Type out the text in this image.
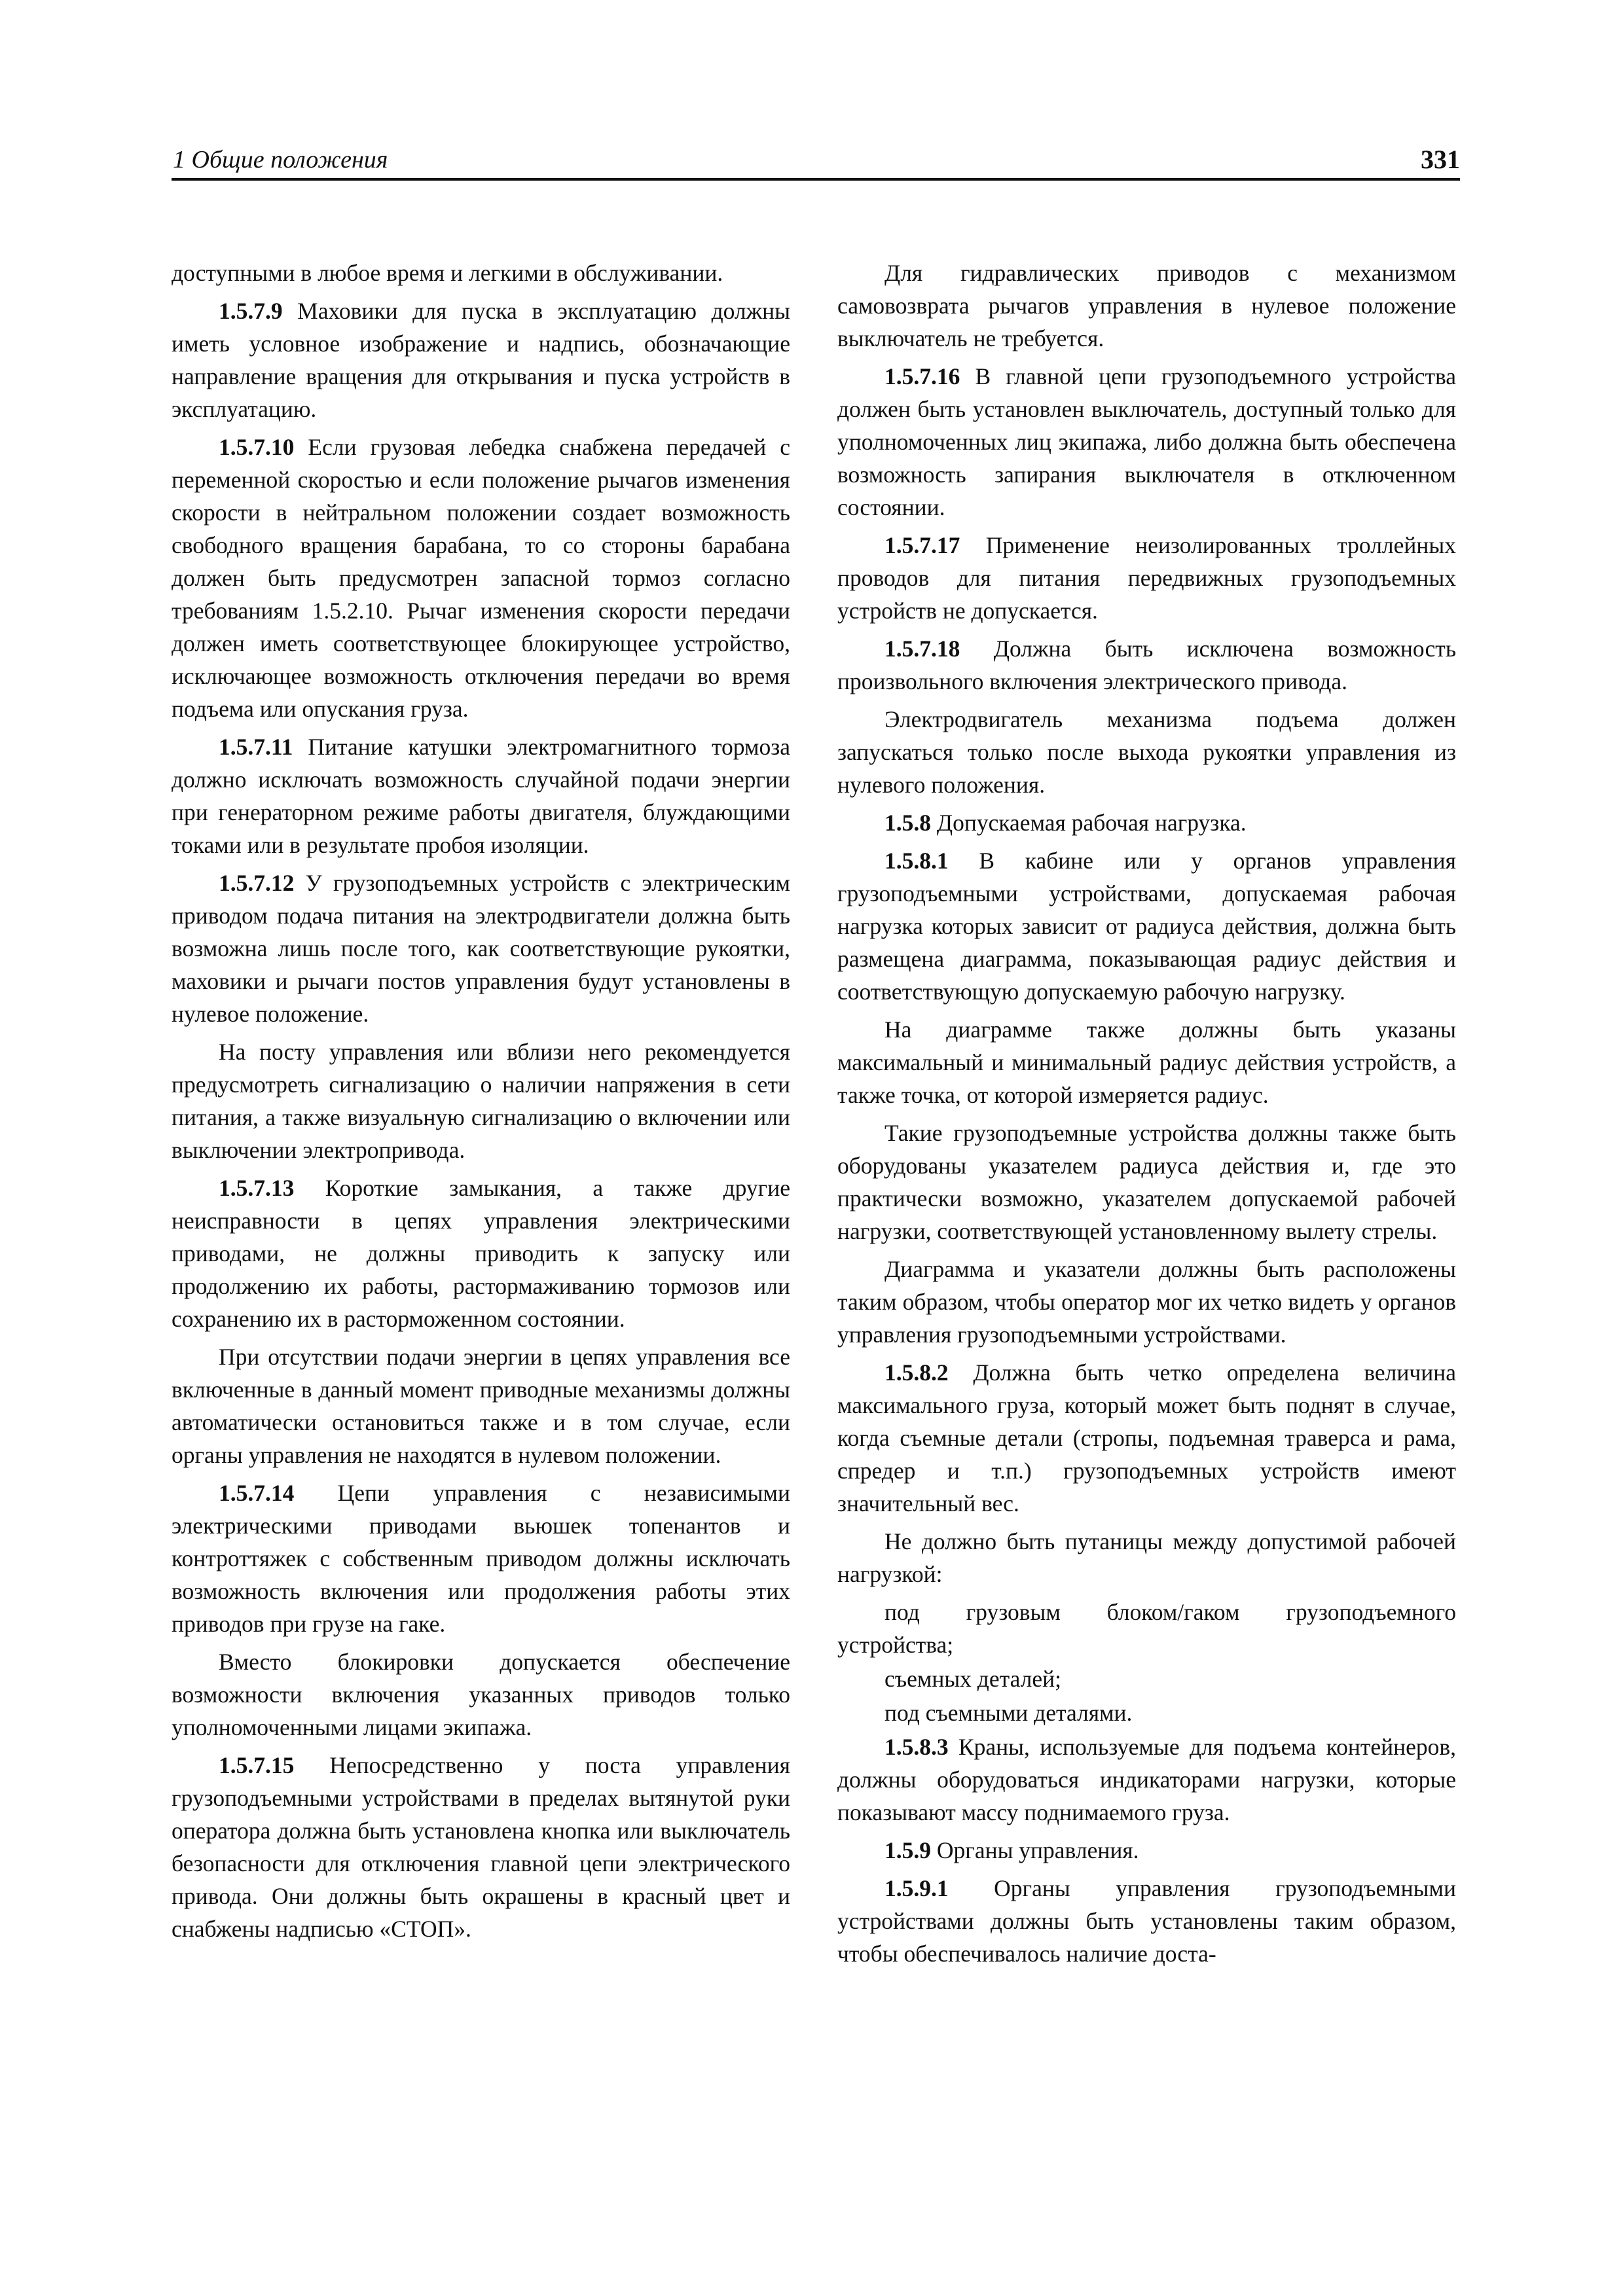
1 Общие положения	331

доступными в любое время и легкими в обслуживании.

1.5.7.9 Маховики для пуска в эксплуатацию должны иметь условное изображение и надпись, обозначающие направление вращения для открывания и пуска устройств в эксплуатацию.

1.5.7.10 Если грузовая лебедка снабжена передачей с переменной скоростью и если положение рычагов изменения скорости в нейтральном положении создает возможность свободного вращения барабана, то со стороны барабана должен быть предусмотрен запасной тормоз согласно требованиям 1.5.2.10. Рычаг изменения скорости передачи должен иметь соответствующее блокирующее устройство, исключающее возможность отключения передачи во время подъема или опускания груза.

1.5.7.11 Питание катушки электромагнитного тормоза должно исключать возможность случайной подачи энергии при генераторном режиме работы двигателя, блуждающими токами или в результате пробоя изоляции.

1.5.7.12 У грузоподъемных устройств с электрическим приводом подача питания на электродвигатели должна быть возможна лишь после того, как соответствующие рукоятки, маховики и рычаги постов управления будут установлены в нулевое положение.

На посту управления или вблизи него рекомендуется предусмотреть сигнализацию о наличии напряжения в сети питания, а также визуальную сигнализацию о включении или выключении электропривода.

1.5.7.13 Короткие замыкания, а также другие неисправности в цепях управления электрическими приводами, не должны приводить к запуску или продолжению их работы, растормаживанию тормозов или сохранению их в расторможенном состоянии.

При отсутствии подачи энергии в цепях управления все включенные в данный момент приводные механизмы должны автоматически остановиться также и в том случае, если органы управления не находятся в нулевом положении.

1.5.7.14 Цепи управления с независимыми электрическими приводами вьюшек топенантов и контроттяжек с собственным приводом должны исключать возможность включения или продолжения работы этих приводов при грузе на гаке.

Вместо блокировки допускается обеспечение возможности включения указанных приводов только уполномоченными лицами экипажа.

1.5.7.15 Непосредственно у поста управления грузоподъемными устройствами в пределах вытянутой руки оператора должна быть установлена кнопка или выключатель безопасности для отключения главной цепи электрического привода. Они должны быть окрашены в красный цвет и снабжены надписью «СТОП».

Для гидравлических приводов с механизмом самовозврата рычагов управления в нулевое положение выключатель не требуется.

1.5.7.16 В главной цепи грузоподъемного устройства должен быть установлен выключатель, доступный только для уполномоченных лиц экипажа, либо должна быть обеспечена возможность запирания выключателя в отключенном состоянии.

1.5.7.17 Применение неизолированных троллейных проводов для питания передвижных грузоподъемных устройств не допускается.

1.5.7.18 Должна быть исключена возможность произвольного включения электрического привода.

Электродвигатель механизма подъема должен запускаться только после выхода рукоятки управления из нулевого положения.

1.5.8 Допускаемая рабочая нагрузка.

1.5.8.1 В кабине или у органов управления грузоподъемными устройствами, допускаемая рабочая нагрузка которых зависит от радиуса действия, должна быть размещена диаграмма, показывающая радиус действия и соответствующую допускаемую рабочую нагрузку.

На диаграмме также должны быть указаны максимальный и минимальный радиус действия устройств, а также точка, от которой измеряется радиус.

Такие грузоподъемные устройства должны также быть оборудованы указателем радиуса действия и, где это практически возможно, указателем допускаемой рабочей нагрузки, соответствующей установленному вылету стрелы.

Диаграмма и указатели должны быть расположены таким образом, чтобы оператор мог их четко видеть у органов управления грузоподъемными устройствами.

1.5.8.2 Должна быть четко определена величина максимального груза, который может быть поднят в случае, когда съемные детали (стропы, подъемная траверса и рама, спредер и т.п.) грузоподъемных устройств имеют значительный вес.

Не должно быть путаницы между допустимой рабочей нагрузкой:

под грузовым блоком/гаком грузоподъемного устройства;

съемных деталей;

под съемными деталями.

1.5.8.3 Краны, используемые для подъема контейнеров, должны оборудоваться индикаторами нагрузки, которые показывают массу поднимаемого груза.

1.5.9 Органы управления.

1.5.9.1 Органы управления грузоподъемными устройствами должны быть установлены таким образом, чтобы обеспечивалось наличие доста-
